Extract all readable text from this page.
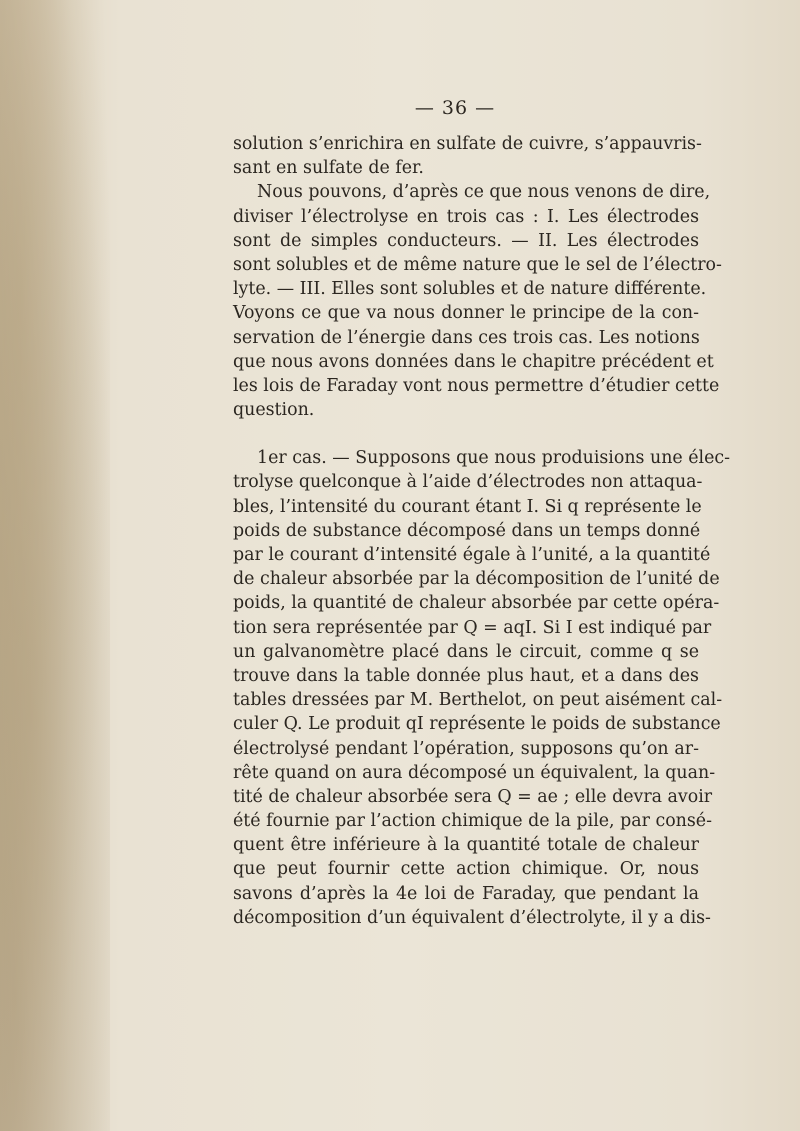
— 36 —
solution s’enrichira en sulfate de cuivre, s’appauvris-
sant en sulfate de fer.
Nous pouvons, d’après ce que nous venons de dire,
diviser l’électrolyse en trois cas : I. Les électrodes
sont de simples conducteurs. — II. Les électrodes
sont solubles et de même nature que le sel de l’électro-
lyte. — III. Elles sont solubles et de nature différente.
Voyons ce que va nous donner le principe de la con-
servation de l’énergie dans ces trois cas. Les notions
que nous avons données dans le chapitre précédent et
les lois de Faraday vont nous permettre d’étudier cette
question.
1er cas. — Supposons que nous produisions une élec-
trolyse quelconque à l’aide d’électrodes non attaqua-
bles, l’intensité du courant étant I. Si q représente le
poids de substance décomposé dans un temps donné
par le courant d’intensité égale à l’unité, a la quantité
de chaleur absorbée par la décomposition de l’unité de
poids, la quantité de chaleur absorbée par cette opéra-
tion sera représentée par Q = aqI. Si I est indiqué par
un galvanomètre placé dans le circuit, comme q se
trouve dans la table donnée plus haut, et a dans des
tables dressées par M. Berthelot, on peut aisément cal-
culer Q. Le produit qI représente le poids de substance
électrolysé pendant l’opération, supposons qu’on ar-
rête quand on aura décomposé un équivalent, la quan-
tité de chaleur absorbée sera Q = ae ; elle devra avoir
été fournie par l’action chimique de la pile, par consé-
quent être inférieure à la quantité totale de chaleur
que peut fournir cette action chimique. Or, nous
savons d’après la 4e loi de Faraday, que pendant la
décomposition d’un équivalent d’électrolyte, il y a dis-
